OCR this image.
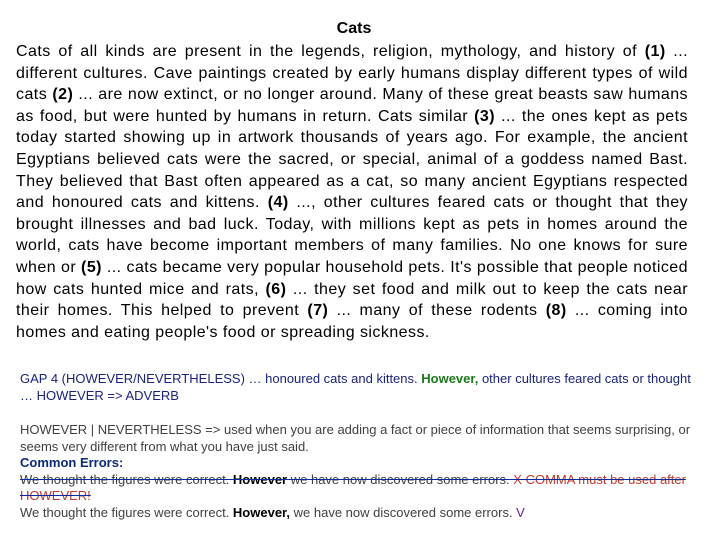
Cats
Cats of all kinds are present in the legends, religion, mythology, and history of (1) ... different cultures. Cave paintings created by early humans display different types of wild cats (2) ... are now extinct, or no longer around. Many of these great beasts saw humans as food, but were hunted by humans in return. Cats similar (3) ... the ones kept as pets today started showing up in artwork thousands of years ago. For example, the ancient Egyptians believed cats were the sacred, or special, animal of a goddess named Bast. They believed that Bast often appeared as a cat, so many ancient Egyptians respected and honoured cats and kittens. (4) ..., other cultures feared cats or thought that they brought illnesses and bad luck. Today, with millions kept as pets in homes around the world, cats have become important members of many families. No one knows for sure when or (5) ... cats became very popular household pets. It's possible that people noticed how cats hunted mice and rats, (6) ... they set food and milk out to keep the cats near their homes. This helped to prevent (7) ... many of these rodents (8) ... coming into homes and eating people's food or spreading sickness.
GAP 4 (HOWEVER/NEVERTHELESS) … honoured cats and kittens. However, other cultures feared cats or thought … HOWEVER => ADVERB
HOWEVER | NEVERTHELESS => used when you are adding a fact or piece of information that seems surprising, or seems very different from what you have just said.
Common Errors:
We thought the figures were correct. However we have now discovered some errors. X COMMA must be used after HOWEVER!
We thought the figures were correct. However, we have now discovered some errors. V
